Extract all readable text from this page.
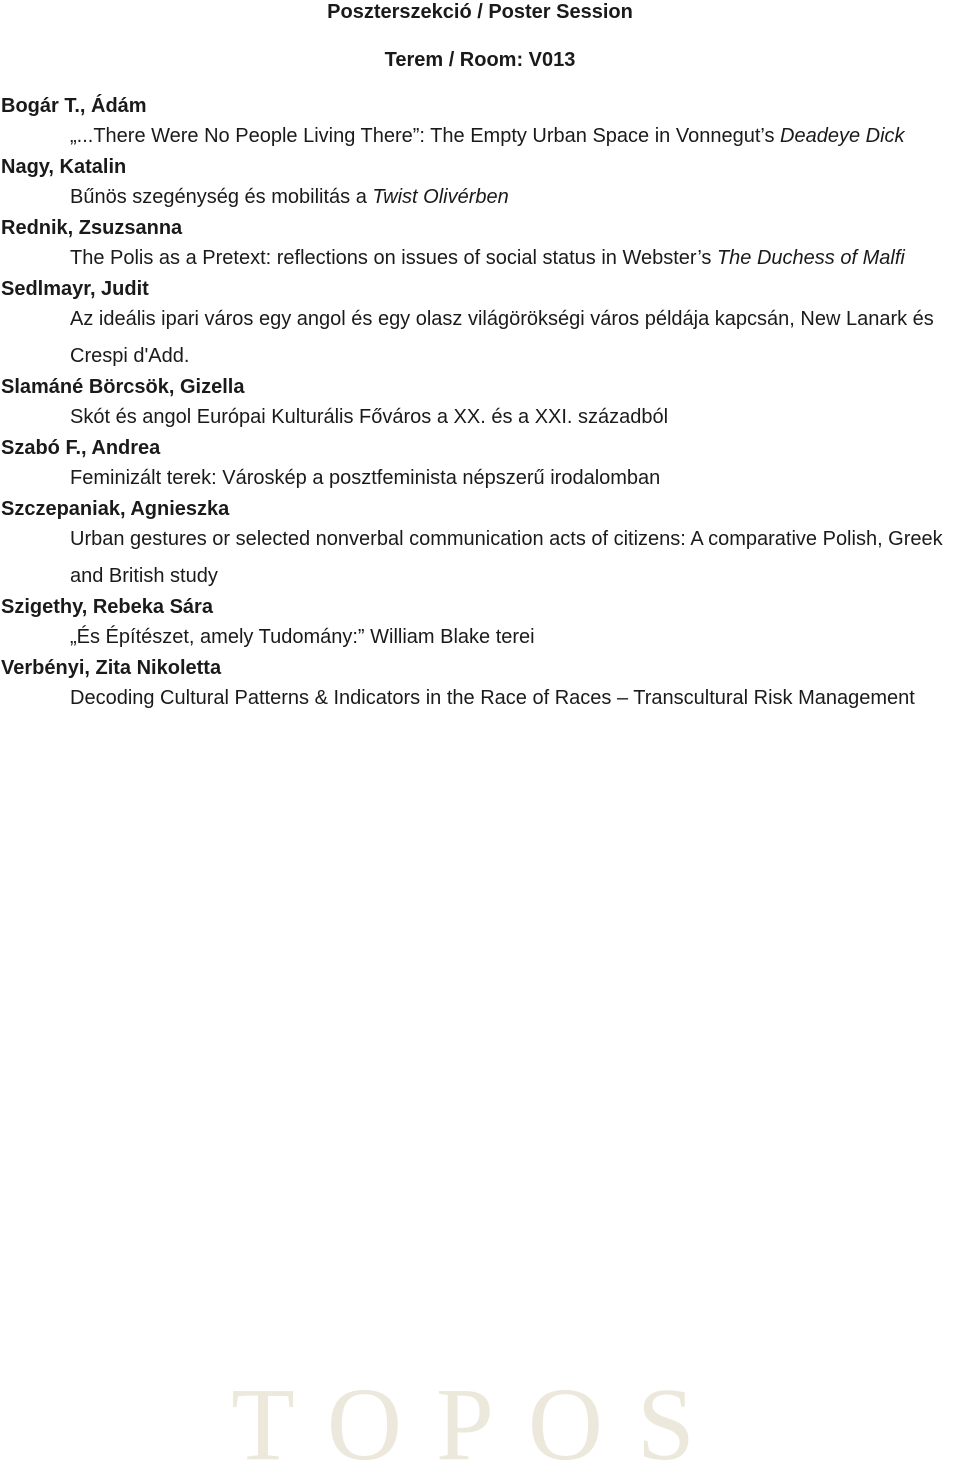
Poszterszekció / Poster Session
Terem / Room: V013
Bogár T., Ádám
„...There Were No People Living There”: The Empty Urban Space in Vonnegut’s Deadeye Dick
Nagy, Katalin
Bűnös szegénység és mobilitás a Twist Olivérben
Rednik, Zsuzsanna
The Polis as a Pretext: reflections on issues of social status in Webster’s The Duchess of Malfi
Sedlmayr, Judit
Az ideális ipari város egy angol és egy olasz világörökségi város példája kapcsán, New Lanark és Crespi d'Add.
Slamáné Börcsök, Gizella
Skót és angol Európai Kulturális Főváros a XX. és a XXI. századból
Szabó F., Andrea
Feminizált terek: Városkép a posztfeminista népszerű irodalomban
Szczepaniak, Agnieszka
Urban gestures or selected nonverbal communication acts of citizens: A comparative Polish, Greek and British study
Szigethy, Rebeka Sára
„És Építészet, amely Tudomány:” William Blake terei
Verbényi, Zita Nikoletta
Decoding Cultural Patterns & Indicators in the Race of Races – Transcultural Risk Management
TOPOS
